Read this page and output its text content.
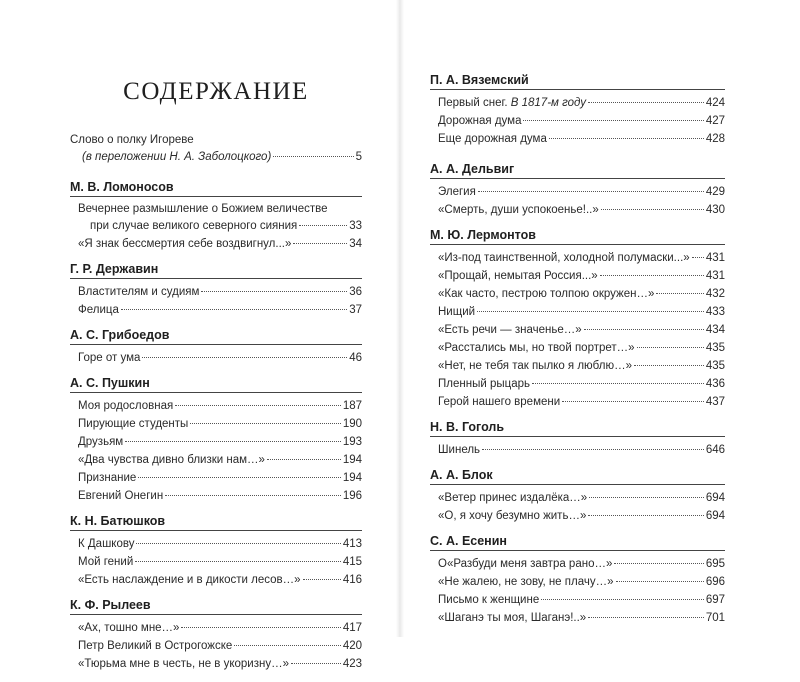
СОДЕРЖАНИЕ
Слово о полку Игореве
(в переложении Н. А. Заболоцкого)	5
М. В. Ломоносов
Вечернее размышление о Божием величестве
при случае великого северного сияния	33
«Я знак бессмертия себе воздвигнул...»	34
Г. Р. Державин
Властителям и судиям	36
Фелица	37
А. С. Грибоедов
Горе от ума	46
А. С. Пушкин
Моя родословная	187
Пирующие студенты	190
Друзьям	193
«Два чувства дивно близки нам…»	194
Признание	194
Евгений Онегин	196
К. Н. Батюшков
К Дашкову	413
Мой гений	415
«Есть наслаждение и в дикости лесов…»	416
К. Ф. Рылеев
«Ах, тошно мне…»	417
Петр Великий в Острогожске	420
«Тюрьма мне в честь, не в укоризну…»	423
П. А. Вяземский
Первый снег. В 1817-м году	424
Дорожная дума	427
Еще дорожная дума	428
А. А. Дельвиг
Элегия	429
«Смерть, души успокоенье!..»	430
М. Ю. Лермонтов
«Из-под таинственной, холодной полумаски...» 431
«Прощай, немытая Россия...»	431
«Как часто, пестрою толпою окружен…»	432
Нищий	433
«Есть речи — значенье…»	434
«Расстались мы, но твой портрет…»	435
«Нет, не тебя так пылко я люблю…»	435
Пленный рыцарь	436
Герой нашего времени	437
Н. В. Гоголь
Шинель	646
А. А. Блок
«Ветер принес издалёка…»	694
«О, я хочу безумно жить…»	694
С. А. Есенин
О«Разбуди меня завтра рано…»	695
«Не жалею, не зову, не плачу…»	696
Письмо к женщине	697
«Шаганэ ты моя, Шаганэ!..»	701
